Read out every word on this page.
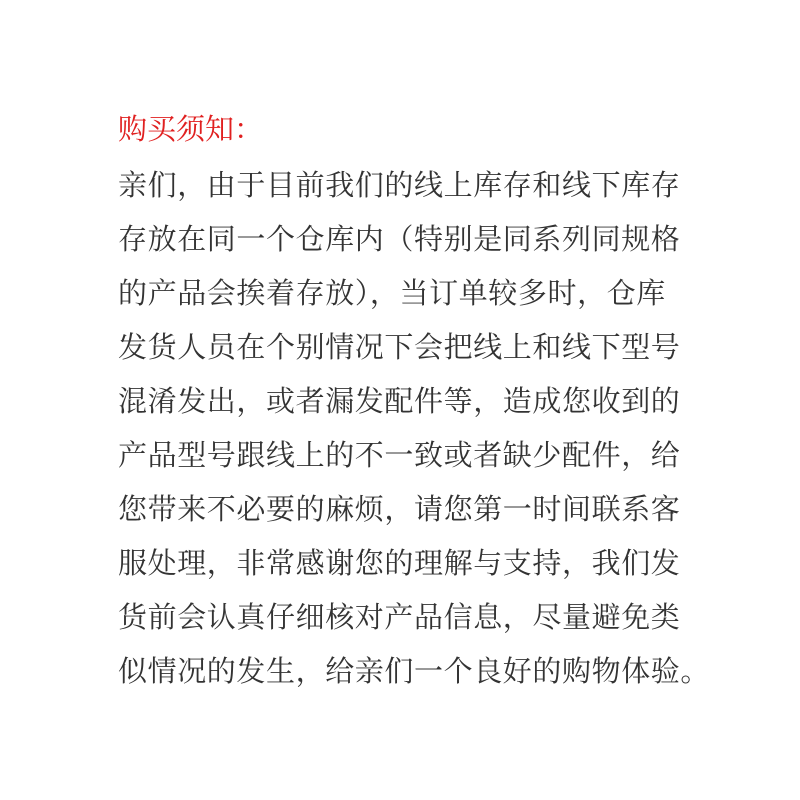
购买须知：
亲们，由于目前我们的线上库存和线下库存
存放在同一个仓库内（特别是同系列同规格
的产品会挨着存放），当订单较多时，仓库
发货人员在个别情况下会把线上和线下型号
混淆发出，或者漏发配件等，造成您收到的
产品型号跟线上的不一致或者缺少配件，给
您带来不必要的麻烦，请您第一时间联系客
服处理，非常感谢您的理解与支持，我们发
货前会认真仔细核对产品信息，尽量避免类
似情况的发生，给亲们一个良好的购物体验。
